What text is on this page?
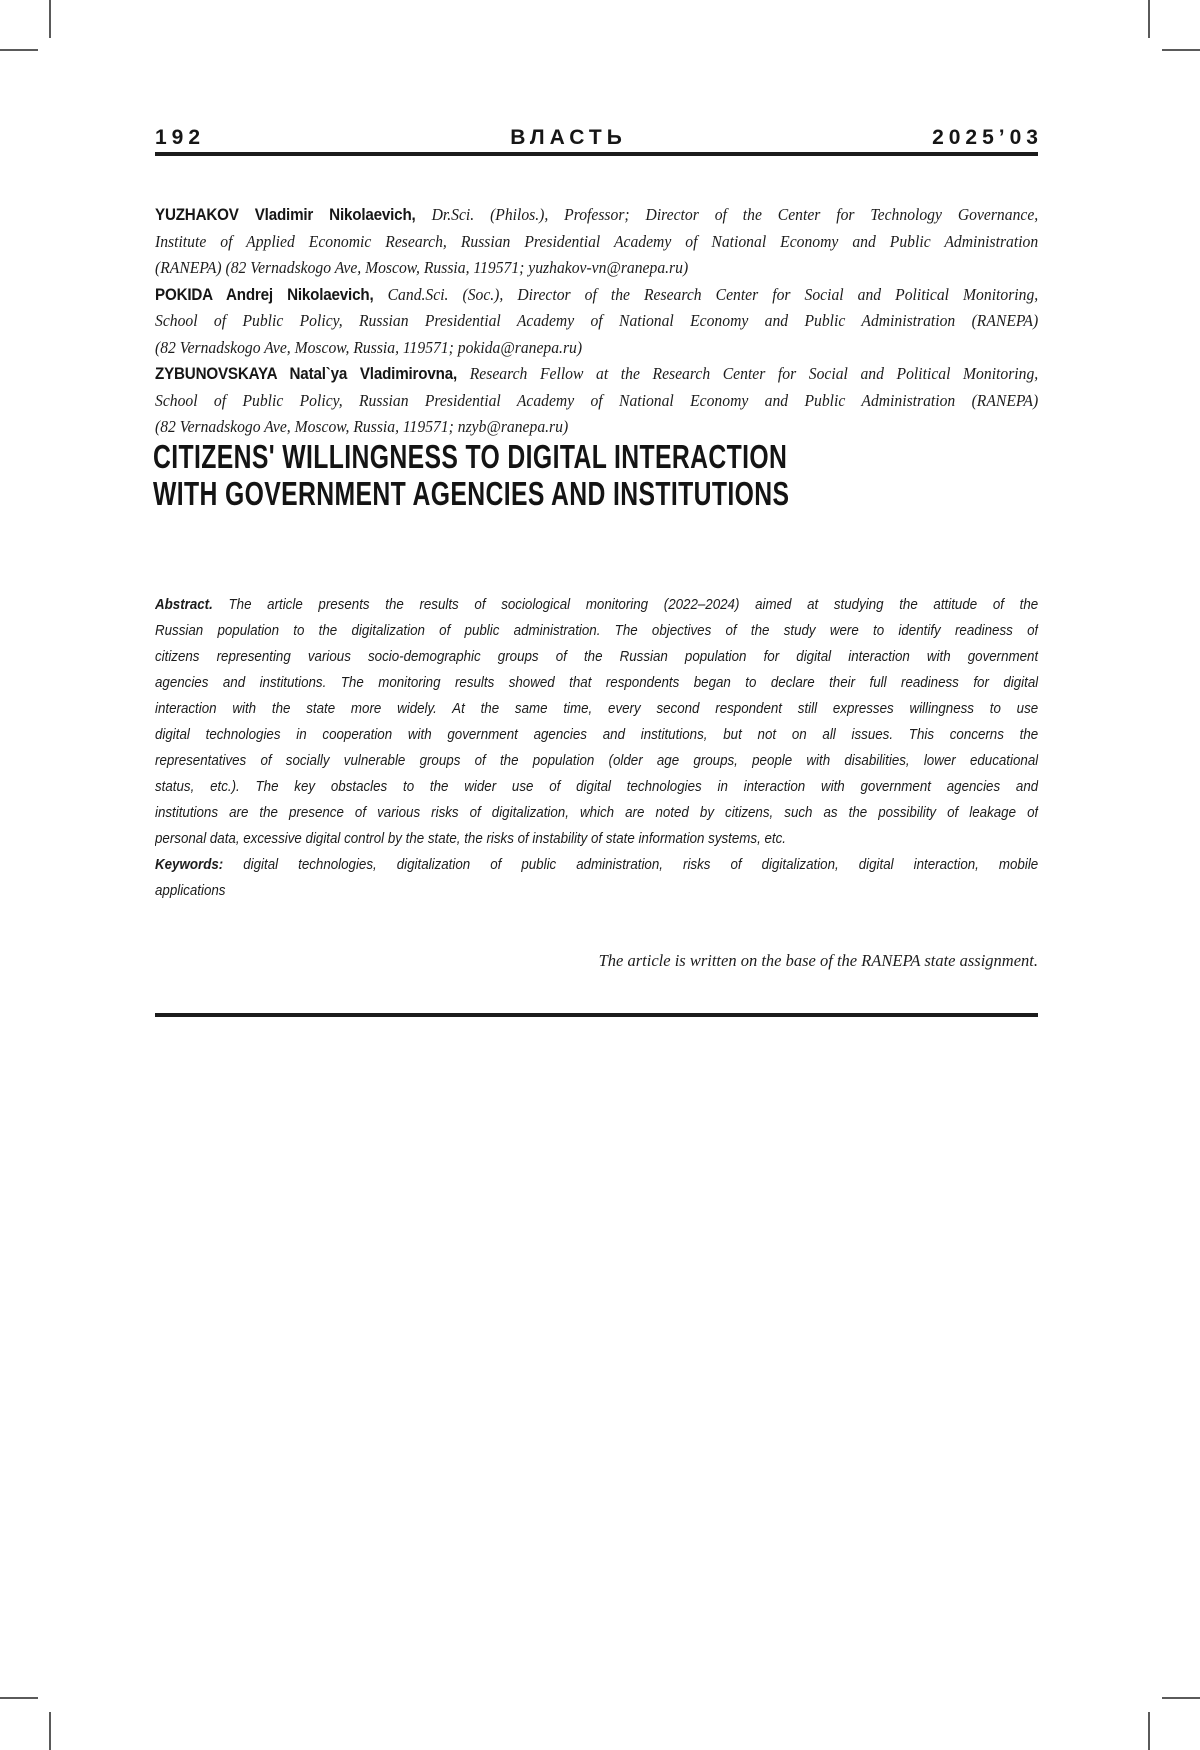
192	ВЛАСТЬ	2025’03
YUZHAKOV Vladimir Nikolaevich, Dr.Sci. (Philos.), Professor; Director of the Center for Technology Governance,
Institute of Applied Economic Research, Russian Presidential Academy of National Economy and Public Administration
(RANEPA) (82 Vernadskogo Ave, Moscow, Russia, 119571; yuzhakov-vn@ranepa.ru)
POKIDA Andrej Nikolaevich, Cand.Sci. (Soc.), Director of the Research Center for Social and Political Monitoring,
School of Public Policy, Russian Presidential Academy of National Economy and Public Administration (RANEPA)
(82 Vernadskogo Ave, Moscow, Russia, 119571; pokida@ranepa.ru)
ZYBUNOVSKAYA Natal`ya Vladimirovna, Research Fellow at the Research Center for Social and Political Monitoring,
School of Public Policy, Russian Presidential Academy of National Economy and Public Administration (RANEPA)
(82 Vernadskogo Ave, Moscow, Russia, 119571; nzyb@ranepa.ru)
CITIZENS' WILLINGNESS TO DIGITAL INTERACTION
WITH GOVERNMENT AGENCIES AND INSTITUTIONS
Abstract. The article presents the results of sociological monitoring (2022–2024) aimed at studying the attitude of the
Russian population to the digitalization of public administration. The objectives of the study were to identify readiness of
citizens representing various socio-demographic groups of the Russian population for digital interaction with government
agencies and institutions. The monitoring results showed that respondents began to declare their full readiness for digital
interaction with the state more widely. At the same time, every second respondent still expresses willingness to use
digital technologies in cooperation with government agencies and institutions, but not on all issues. This concerns the
representatives of socially vulnerable groups of the population (older age groups, people with disabilities, lower educational
status, etc.). The key obstacles to the wider use of digital technologies in interaction with government agencies and
institutions are the presence of various risks of digitalization, which are noted by citizens, such as the possibility of leakage of
personal data, excessive digital control by the state, the risks of instability of state information systems, etc.
Keywords: digital technologies, digitalization of public administration, risks of digitalization, digital interaction, mobile
applications
The article is written on the base of the RANEPA state assignment.
